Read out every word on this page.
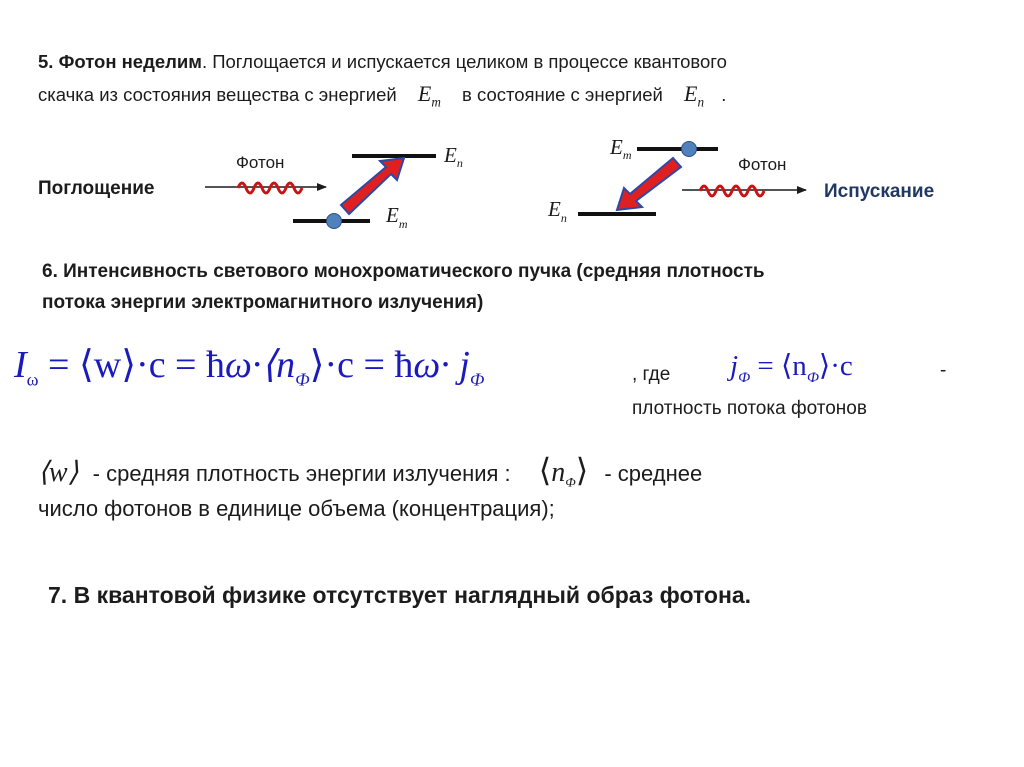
5. Фотон неделим. Поглощается и испускается целиком в процессе квантового
скачка из состояния вещества с энергией $E_m$ в состояние с энергией $E_n$ .
Поглощение
Фотон	$E_n$
$E_m$
$E_m$
$E_n$
Фотон
Испускание
6. Интенсивность светового монохроматического пучка (средняя плотность
потока энергии электромагнитного излучения)
$I_\omega$ = ⟨w⟩·c = $ħ\omega\cdot⟨n_Ф⟩\cdot c$ = ħω· $j_Ф$	, где $j_Ф$ = $⟨n_Ф⟩\cdot c$	-
плотность потока фотонов
⟨w⟩ - средняя плотность энергии излучения : $⟨n_Ф⟩$ - среднее
число фотонов в единице объема (концентрация);
7. В квантовой физике отсутствует наглядный образ фотона.
